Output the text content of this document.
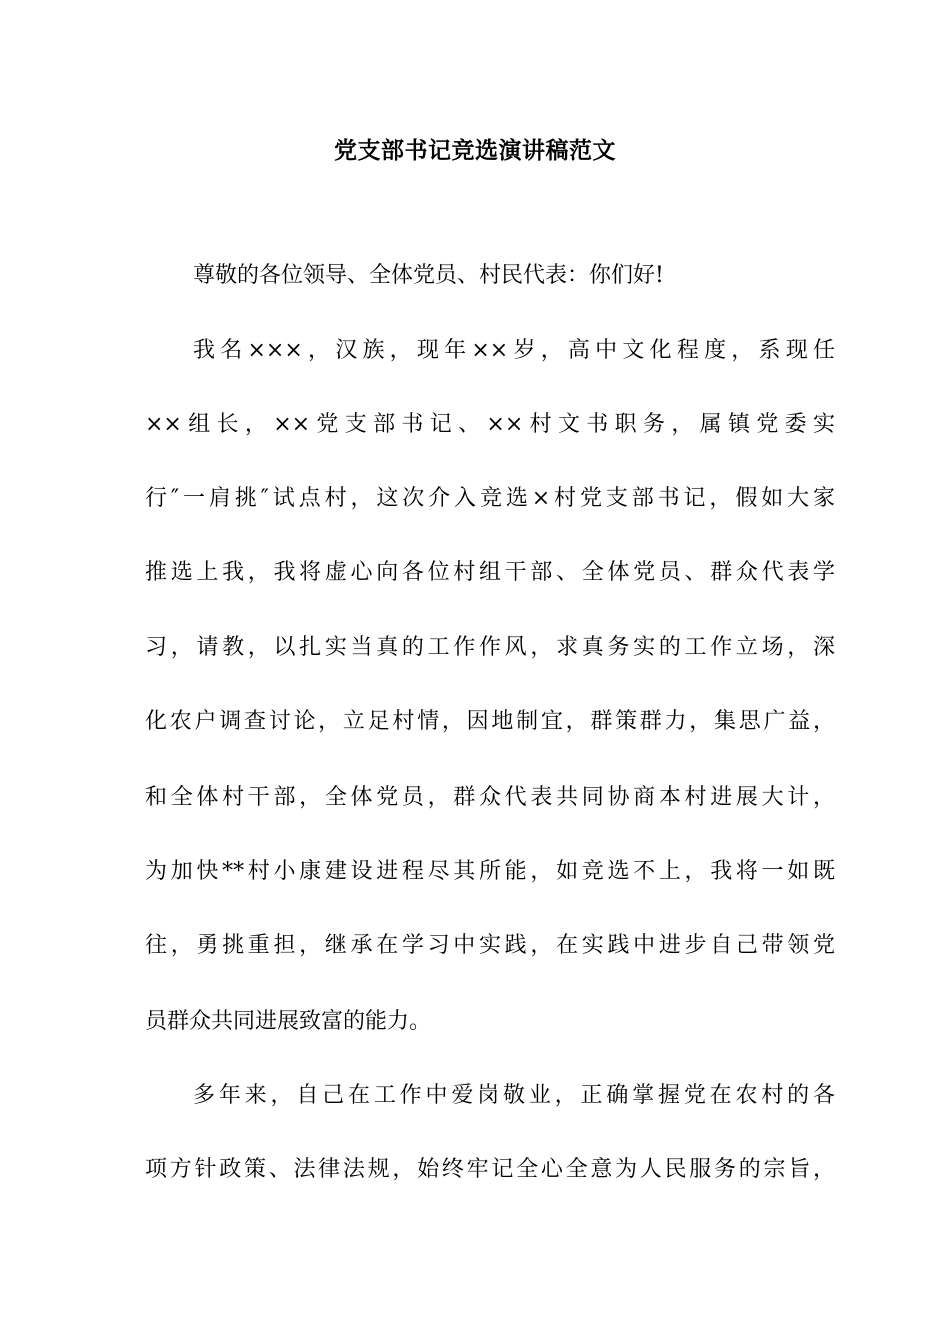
党支部书记竞选演讲稿范文
尊敬的各位领导、全体党员、村民代表：你们好!
我名×××，汉族，现年××岁，高中文化程度，系现任
××组长，××党支部书记、××村文书职务，属镇党委实
行″一肩挑″试点村，这次介入竞选×村党支部书记，假如大家
推选上我，我将虚心向各位村组干部、全体党员、群众代表学
习，请教，以扎实当真的工作作风，求真务实的工作立场，深
化农户调查讨论，立足村情，因地制宜，群策群力，集思广益，
和全体村干部，全体党员，群众代表共同协商本村进展大计，
为加快**村小康建设进程尽其所能，如竞选不上，我将一如既
往，勇挑重担，继承在学习中实践，在实践中进步自己带领党
员群众共同进展致富的能力。
多年来，自己在工作中爱岗敬业，正确掌握党在农村的各
项方针政策、法律法规，始终牢记全心全意为人民服务的宗旨，
